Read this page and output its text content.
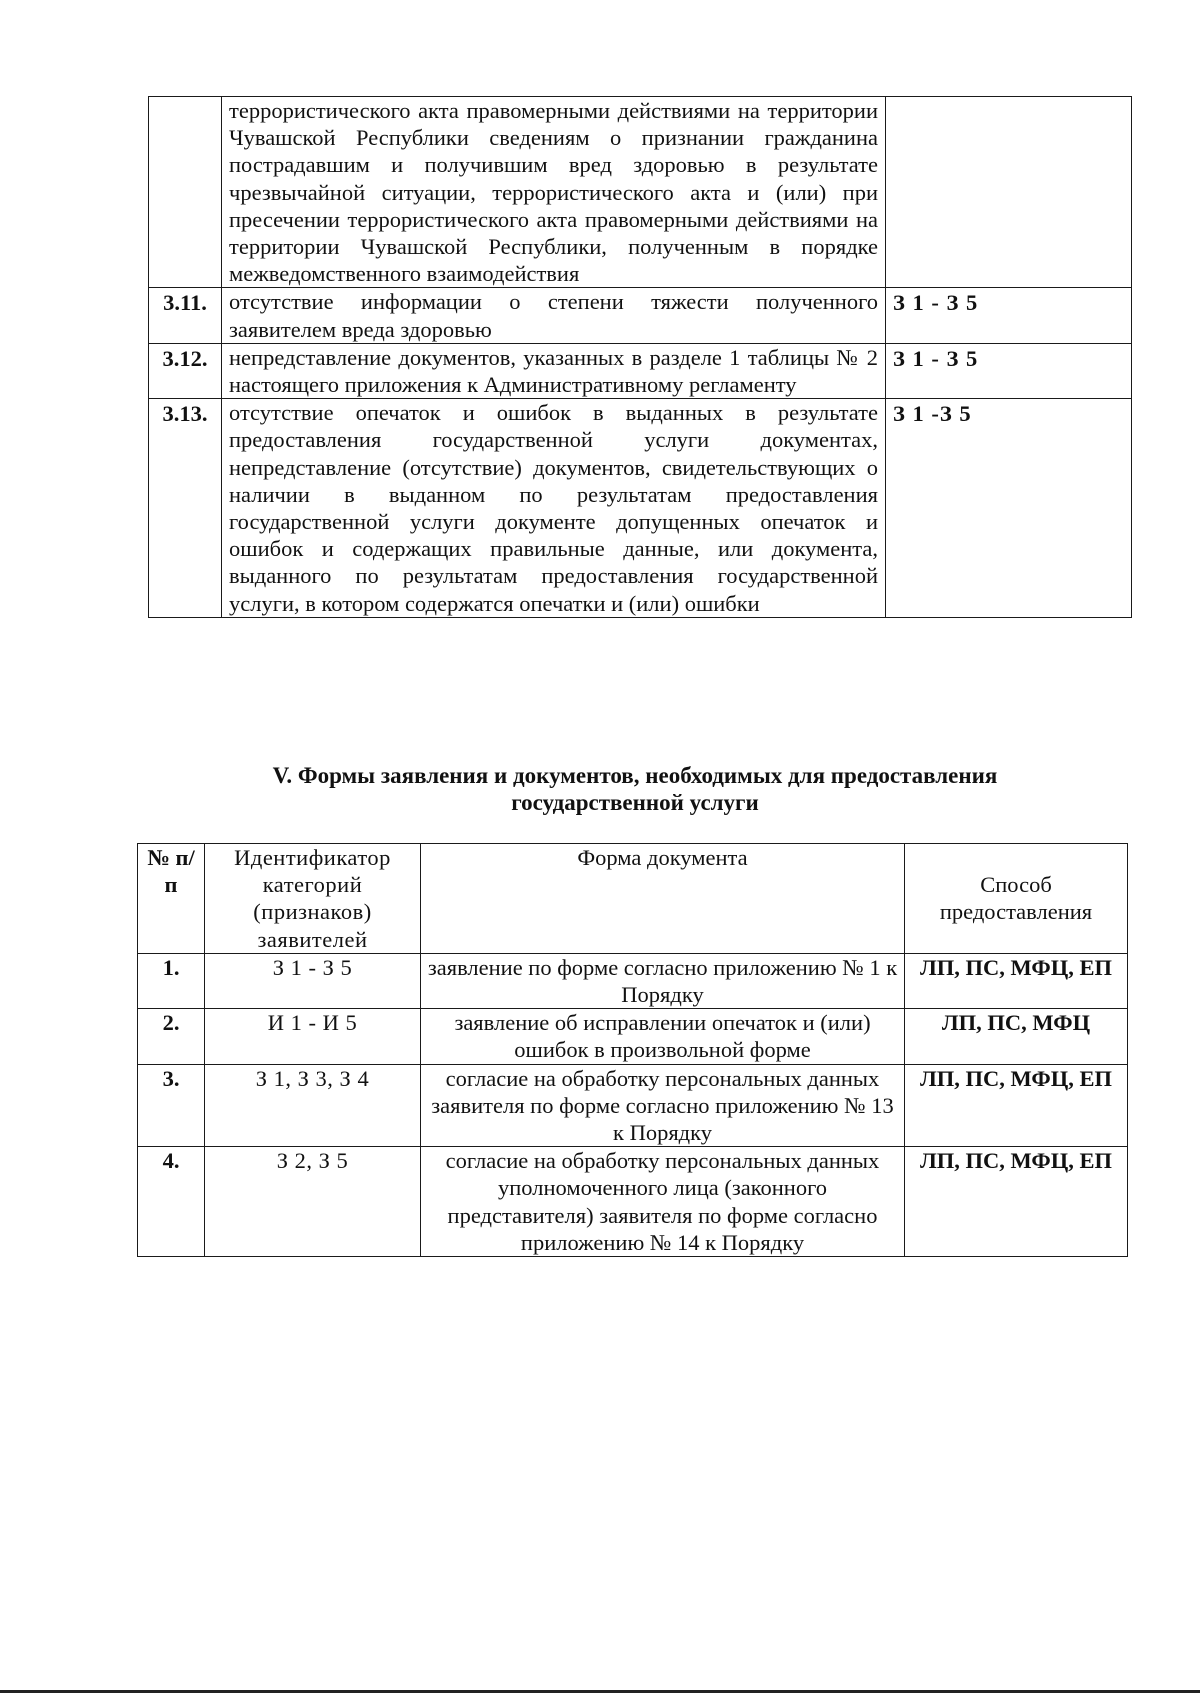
	террористического акта правомерными действиями на территории Чувашской Республики сведениям о признании гражданина пострадавшим и получившим вред здоровью в результате чрезвычайной ситуации, террористического акта и (или) при пресечении террористического акта правомерными действиями на территории Чувашской Республики, полученным в порядке межведомственного взаимодействия	
3.11.	отсутствие информации о степени тяжести полученного заявителем вреда здоровью	З 1 - З 5
3.12.	непредставление документов, указанных в разделе 1 таблицы № 2 настоящего приложения к Административному регламенту	З 1 - З 5
3.13.	отсутствие опечаток и ошибок в выданных в результате предоставления государственной услуги документах, непредставление (отсутствие) документов, свидетельствующих о наличии в выданном по результатам предоставления государственной услуги документе допущенных опечаток и ошибок и содержащих правильные данные, или документа, выданного по результатам предоставления государственной услуги, в котором содержатся опечатки и (или) ошибки	З 1 -З 5
V. Формы заявления и документов, необходимых для предоставления
государственной услуги
№ п/п	Идентификатор категорий (признаков) заявителей	Форма документа	Способ предоставления
1.	З 1 - З 5	заявление по форме согласно приложению № 1 к Порядку	ЛП, ПС, МФЦ, ЕП
2.	И 1 - И 5	заявление об исправлении опечаток и (или) ошибок в произвольной форме	ЛП, ПС, МФЦ
3.	З 1, З 3, З 4	согласие на обработку персональных данных заявителя по форме согласно приложению № 13 к Порядку	ЛП, ПС, МФЦ, ЕП
4.	З 2, З 5	согласие на обработку персональных данных уполномоченного лица (законного представителя) заявителя по форме согласно приложению № 14 к Порядку	ЛП, ПС, МФЦ, ЕП
